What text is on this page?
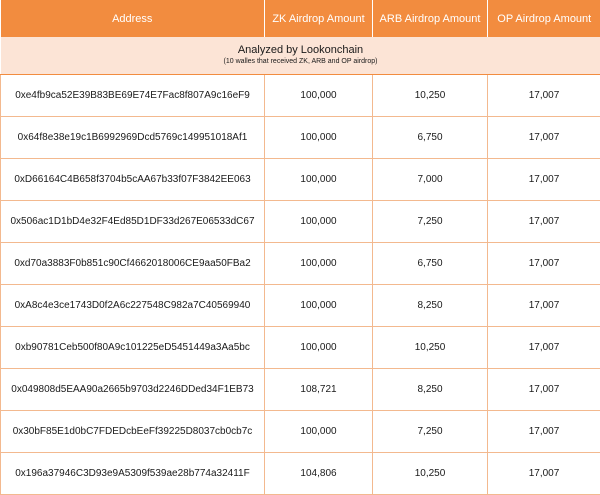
Address	ZK Airdrop Amount	ARB Airdrop Amount	OP Airdrop Amount

Analyzed by Lookonchain
(10 walles that received ZK, ARB and OP airdrop)			

0xe4fb9ca52E39B83BE69E74E7Fac8f807A9c16eF9	100,000	10,250	17,007
0x64f8e38e19c1B6992969Dcd5769c149951018Af1	100,000	6,750	17,007
0xD66164C4B658f3704b5cAA67b33f07F3842EE063	100,000	7,000	17,007
0x506ac1D1bD4e32F4Ed85D1DF33d267E06533dC67	100,000	7,250	17,007
0xd70a3883F0b851c90Cf4662018006CE9aa50FBa2	100,000	6,750	17,007
0xA8c4e3ce1743D0f2A6c227548C982a7C40569940	100,000	8,250	17,007
0xb90781Ceb500f80A9c101225eD5451449a3Aa5bc	100,000	10,250	17,007
0x049808d5EAA90a2665b9703d2246DDed34F1EB73	108,721	8,250	17,007
0x30bF85E1d0bC7FDEDcbEeFf39225D8037cb0cb7c	100,000	7,250	17,007
0x196a37946C3D93e9A5309f539ae28b774a32411F	104,806	10,250	17,007
